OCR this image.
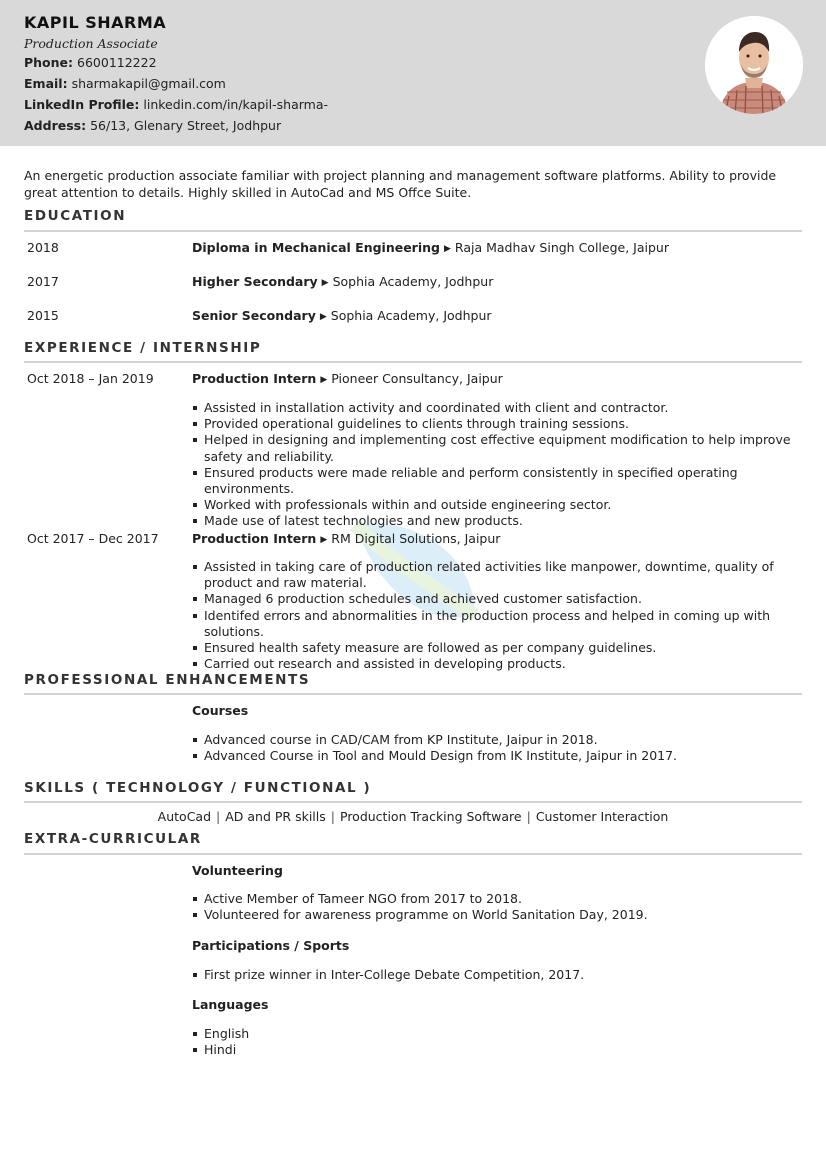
KAPIL SHARMA
Production Associate
Phone: 6600112222
Email: sharmakapil@gmail.com
LinkedIn Profile: linkedin.com/in/kapil-sharma-
Address: 56/13, Glenary Street, Jodhpur
An energetic production associate familiar with project planning and management software platforms. Ability to provide great attention to details. Highly skilled in AutoCad and MS Offce Suite.
EDUCATION
2018	Diploma in Mechanical Engineering ▶ Raja Madhav Singh College, Jaipur
2017	Higher Secondary ▶ Sophia Academy, Jodhpur
2015	Senior Secondary ▶ Sophia Academy, Jodhpur
EXPERIENCE / INTERNSHIP
Oct 2018 – Jan 2019	Production Intern ▶ Pioneer Consultancy, Jaipur
Assisted in installation activity and coordinated with client and contractor.
Provided operational guidelines to clients through training sessions.
Helped in designing and implementing cost effective equipment modification to help improve safety and reliability.
Ensured products were made reliable and perform consistently in specified operating environments.
Worked with professionals within and outside engineering sector.
Made use of latest technologies and new products.
Oct 2017 – Dec 2017	Production Intern ▶ RM Digital Solutions, Jaipur
Assisted in taking care of production related activities like manpower, downtime, quality of product and raw material.
Managed 6 production schedules and achieved customer satisfaction.
Identifed errors and abnormalities in the production process and helped in coming up with solutions.
Ensured health safety measure are followed as per company guidelines.
Carried out research and assisted in developing products.
PROFESSIONAL ENHANCEMENTS
Courses
Advanced course in CAD/CAM from KP Institute, Jaipur in 2018.
Advanced Course in Tool and Mould Design from IK Institute, Jaipur in 2017.
SKILLS ( TECHNOLOGY / FUNCTIONAL )
AutoCad | AD and PR skills | Production Tracking Software | Customer Interaction
EXTRA-CURRICULAR
Volunteering
Active Member of Tameer NGO from 2017 to 2018.
Volunteered for awareness programme on World Sanitation Day, 2019.
Participations / Sports
First prize winner in Inter-College Debate Competition, 2017.
Languages
English
Hindi
